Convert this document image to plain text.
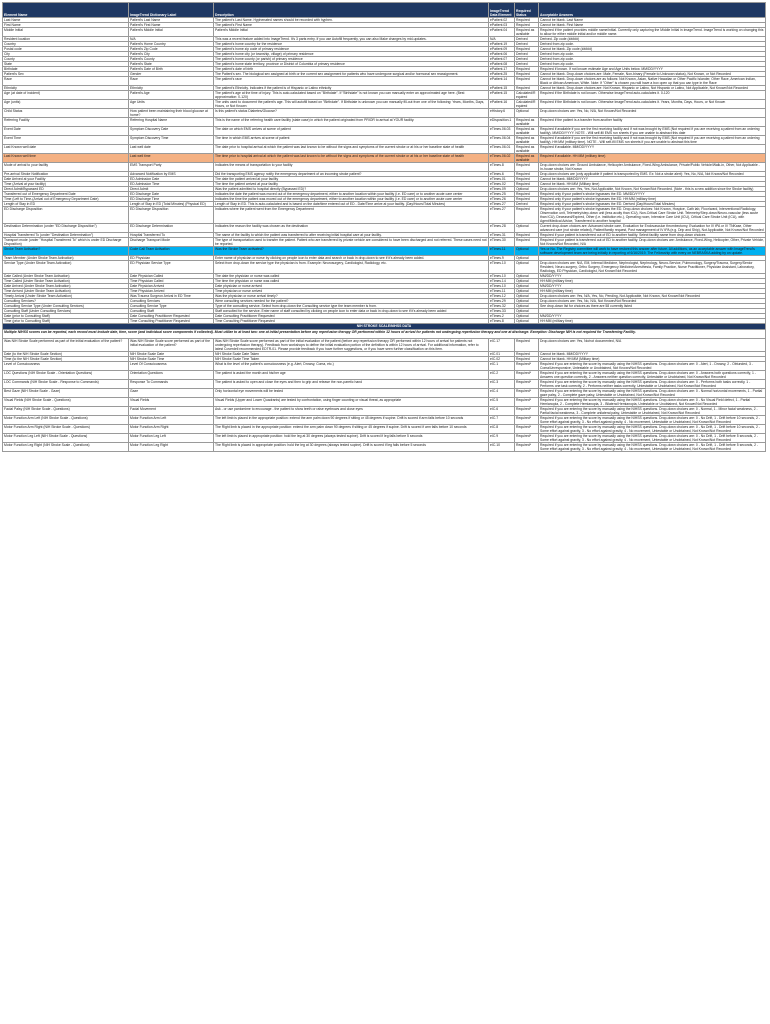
Element Name	ImageTrend Dictionary Label	Description	ImageTrend Data Element	Required Status	Acceptable Answers
Last Name	Patient's Last Name	The patient's Last Name. Hyphenated names should be recorded with hyphen.	ePatient.02	Required	Cannot be blank. Last Name
First Name	Patient's First Name	The patient's First Name	ePatient.03	Required	Cannot be blank. First Name
Middle Initial	Patient's Middle Initial	Patient's Middle Initial	ePatient.04	Required as available	Required if the patient provides middle name/initial. Currently only capturing the Middle Initial in ImageTrend. ImageTrend is working on changing this to allow for either middle initial and/or middle name.
Resident location	N/A	This was a recent feature added into ImageTrend. It's 3 parts entry. If you use Autofill frequently, you can also Make changes by mid-updates.	N/A	Derived	Derived. Zip code (#####)
Country	Patient's Home Country	The patient's home country for the residence	ePatient.19	Derived	Derived from zip code.
Postal code	Patient's Zip Code	The patient's home zip code of primary residence	ePatient.09	Required	Cannot be blank. Zip code (#####)
City	Patient's City	The patient's home city (or township, village) of primary residence	ePatient.06	Derived	Derived from zip code.
County	Patient's County	The patient's home county (or parish) of primary residence	ePatient.07	Derived	Derived from zip code.
State	Patient's State	The patient's home state territory, province or District of Columbia of primary residence	ePatient.08	Derived	Derived from zip code.
Birthdate	Patient's Date of Birth	The patient's date of birth	ePatient.17	Required	Required if known. If not known estimate Age and Age Units below. MM/DD/YYYY
Patient's Sex	Gender	The Patient's sex. The biological sex assigned at birth or the current sex assignment for patients who have undergone surgical and/or hormonal sex reassignment.	ePatient.25	Required	Cannot be blank. Drop-down choices are: Male, Female, Non-binary (Female to Unknown status), Not Known, or Not Recorded
Race	Race	The patient's race	ePatient.14	Required	Cannot be blank. Drop-down choices are as follows: Not Known, Asian, Native Hawaiian or Other Pacific Islander, Other Race, American Indian, Black or African American, White. Note: If "Other" is chosen you will have a box open up that you can type in the Race
Ethnicity	Ethnicity	The patient's Ethnicity. Indicates if the patient is of Hispanic or Latino ethnicity	ePatient.15	Required	Cannot be blank. Drop-down choices are: Not Known, Hispanic or Latino, Not Hispanic or Latino, Not Applicable, Not Known/Not Recorded
Age (at date of incident)	Patient's Age	The patient's age at the time of injury. This is auto-calculated based on "Birthdate". If "Birthdate" is not known you can manually enter an approximated age here. (Best approximation: 0-120)	ePatient.15	Calculated/Required	Required if the Birthdate is not known. Otherwise ImageTrend auto-calculates it. 0-120
Age (units)	Age Units	The units used to document the patient's age. This will autofill based on "Birthdate". If Birthdate is unknown you can manually fill-out from one of the following: Years, Months, Days, Hours, or Not Known	ePatient.16	Calculated/Required	Required if the Birthdate is not known. Otherwise ImageTrend auto-calculates it. Years, Months, Days, Hours, or Not Known
Child Status	How patient been maintaining their blood glucose at home?	Is this patient's status Diabetes/Glucose?	eHistory.6	Optional	Drop-down choices are: Yes, No, N/A, Not Known/Not Recorded
Referring Facility	Referring Hospital Name	This is the name of the referring health care facility (state case) in which the patient originated from PRIOR to arrival at YOUR facility.	eDisposition.1	Required as available	Required if the patient is a transfer from another facility
Event Date	Symptom Discovery Date	The date on which EMS arrives at scene of patient	eTimes.06.03	Required as available	Required if available if you are the first receiving facility and if not was brought by EMS (Not required if you are receiving a patient from an ordering facility). MM/DD/YYYY. NOTE - Will self-fill EMS run sheets if you are unable to abstract this date
Event Time	Symptom Discovery Time	The time in which EMS arrives at scene of patient	eTimes.06.04	Required as available	Required if available if you are the first receiving facility and if not was brought by EMS (Not required if you are receiving a patient from an ordering facility). HH:MM (military time). NOTE - Will self-fill EMS run sheets if you are unable to abstract this time
Last Known well date	Last well date	The date prior to hospital arrival at which the patient was last known to be without the signs and symptoms of the current stroke or at his or her baseline state of health	eTimes.06.01	Required as available	Required if available. MM/DD/YYYY
Last Known well time	Last well time	The time prior to hospital arrival at which the patient was last known to be without the signs and symptoms of the current stroke or at his or her baseline state of health	eTimes.06.02	Required as available	Required if available. HH:MM (military time)
Mode of arrival to your facility	EMS Transport Party	Indicates the means of transportation to your facility	eTimes.8	Required	Drop-down choices are: Ground Ambulance, Helicopter Ambulance, Fixed-Wing Ambulance, Private/Public Vehicle/Walk-in, Other, Not Applicable - In-house stroke, Not Known
Pre-arrival Stroke Notification	Advanced Notification by EMS	Did the transporting EMS agency notify the emergency department of an incoming stroke patient?	eTimes.6	Required	Drop-down choices are (only applicable if patient is transported by EMS. Ex: Not a stroke alert): Yes, No, N/A, Not Known/Not Recorded
Date Arrived at your Facility	ED Admission Date	The date the patient arrived at your facility	eTimes.01	Required	Cannot be blank. MM/DD/YYYY
Time (Arrival at your facility)	ED Admission Time	The time the patient arrived at your facility	eTimes.02	Required	Cannot be blank. HH:MM (Military time)
Direct Admit/Bypassed ED	Direct Admit	Was the patient admitted to hospital directly (Bypassed ED)?	eTimes.09	Optional	Drop-down choices are: Yes, Yes, Not Applicable, Not Known, Not Known/Not Recorded. (Note - this is a new addition since the Stroke facility)
Transferred out of Emergency Department Date	ED Discharge Date	Indicates the date the patient was moved out of the emergency department, either to another location within your facility (i.e. ED care) or to another acute care center	eTimes.25	Required	Required only if your patient's stroke bypasses the ED. MM/DD/YYYY
Time (Left to Time-(Arrival out of Emergency Department Date)	ED Discharge Time	Indicates the time the patient was moved out of the emergency department, either to another location within your facility (i.e. ED care) or to another acute care center	eTimes.26	Required	Required only if your patient's stroke bypasses the ED. HH:MM (military time)
Length of Stay in ED	Length of Stay in ED (Total Minutes) (Physical ED)	Length of Stay in ED. This is auto-calculated and is based on the date/time entered out of ED - Date/Time arrive at your facility. (Day/Hours/Total Minutes)	eTimes.27	Derived	Required only if your patient's stroke bypasses the ED. Derived (Day/Hours/Total Minutes)
ED Discharge Disposition	ED Discharge Disposition	Indicates where the patient went from the Emergency Department	eTimes.27	Required	Required only if your patient's stroke bypasses the ED. Drop-down choices: Not Known, Hospice, Cath lab, Floor/ward, Interventional Radiology, Observation unit, Telemetry/step-down unit (less acuity than ICU), Non-Critical Care Stroke Unit. Telemetry/Step-down/Neuro-vascular (less acute than ICU), Deceased/Expired, Other (i.e. institution etc.), Operating room, Intensive Care Unit (ICU), Critical Care Stroke Unit (ICU), with Agent/Medical Advice, Transferred to another hospital
Destination Determination (under "ED Discharge Disposition")	ED Discharge Determination	Indicates the reason the facility was chosen as the destination	eTimes.28	Optional	Current drop-down choices are: Advanced stroke care, Evaluation for Endovascular thrombectomy, Evaluation for IV tPA or IV TNKase, Other advanced care (not stroke related), Patient/family request, Post management of IV tPA (e.g. Drip and Ship), Not Applicable, Not Known/Not Recorded
Hospital Transferred To (under "Destination Determination")	Hospital Transferred To	The name of the facility to which the patient was transferred to after receiving initial hospital care at your facility.	eTimes.31	Required	Required if your patient is transferred out of ED to another facility. Select facility name from drop-down choices
Transport mode (under "Hospital Transferred To" which is under ED Discharge Disposition)	Discharge Transport Mode	The type of transportation used to transfer the patient. Patient who are transferred by private vehicle are considered to have been discharged and not referred. These cases need not be reported.	eTimes.30	Required	Required if your patient is transferred out of ED to another facility. Drop-down choices are: Ambulance, Fixed-Wing, Helicopter, Other, Private Vehicle, Not Known/Not Recorded, N/A
Stroke Team Activation?	Code Call Team Activation	Was the Stroke Team activated?	eTimes.11	Optional	Yes or No. The Registry committee will work to have restored this answer after future. All additions, as an acceptable answer with ImageTrend's software development team are being initially in reporting of 6/16/2019. The Fellowship with every on NEBRASKA adding by on update.
Team Member (Under Stroke Team Activation)	ED Physician	Enter name of physician or nurse by clicking on people icon to enter data and search or back in drop-down to see if it's already been added.	eTimes.9	Optional	
Service Type (Under Stroke Team Activation)	ED Physician Service Type	Select from drop-down the service type the physician is from. Example: Neurosurgery, Cardiologist, Radiology, etc.	eTimes.10	Optional	Drop-down choices are: N/A, EM, Internal Medicine, Nephrologist, Nephrology, Neuro-Service, Pulmonology, Surgery/Trauma, Surgery/Senior Resident, Neuro-surgery, Ortho Surgery, Emergency Medicine/Anesthesia, Family Practice, Nurse Practitioner, Physician Assistant, Laboratory, Radiology, ED Physician, Cardiologist, Not Known/Not Recorded
Date Called (Under Stroke Team Activation)	Date Physician Called	The date the physician or nurse was called	eTimes.10	Optional	MM/DD/YYYY
Time Called (Under Stroke Team Activation)	Time Physician Called	The time the physician or nurse was called	eTimes.14	Optional	HH:MM (military time)
Date Arrived (Under Stroke Team Activation)	Date Physician Arrived	Date physician or nurse arrived	eTimes.10	Optional	MM/DD/YYYY
Time Arrived (Under Stroke Team Activation)	Time Physician Arrived	Time physician or nurse arrived	eTimes.11	Optional	HH:MM (military time)
Timely Arrival (Under Stroke Team Activation)	Was Trauma Surgeon Arrival in ED Time	Was the physician or nurse arrival timely?	eTimes.12	Optional	Drop-down choices are: Yes, N/A, Yes, No, Pending, Not Applicable, Not Known, Not Known/Not Recorded
Consulting Services?	Consulting Services	Were consulting services needed for the patient?	eTimes.29	Optional	Drop-down choices are: Yes, No, N/A, Not Known/Not Recorded
Consulting Service Type (Under Consulting Services)	Consulting Service Type	Type of the consulting service. Select from drop-down the Consulting service type the team member is from.	eTimes.32	Optional	See drop-down list for choices as there are 58 currently listed
Consulting Staff (Under Consulting Services)	Consulting Staff	Staff consulted for the service. Enter name of staff consulted by clicking on people icon to enter data or back in drop-down to see if it's already been added	eTimes.33	Optional	
Date (prior to Consulting Staff)	Date Consulting Practitioner Requested	Date Consulting Practitioner Requested	eTimes.2	Optional	MM/DD/YYYY
Time (prior to Consulting Staff)	Time Consulting Practitioner Requested	Time Consulting Practitioner Requested	eTimes.8	Optional	HH:MM (military time)
NIH STROKE SCALE/NIHSS DATA					
Multiple NIHSS scores can be reported, each record must include date, time, score (and individual score components if collected). Must utilize to at least two: one at initial presentation before any reperfusion therapy OR performed within 12 hours of arrival for patients not undergoing reperfusion therapy and one at discharge. Exception: Discharge NIH is not required for Transferring Facility.					
Was NIH Stroke Scale performed as part of the initial evaluation of the patient?	Was NIH Stroke Scale score performed as part of the initial evaluation of the patient?	Was NIH Stroke Scale score performed as part of the initial evaluation of the patient (before any reperfusion therapy OR performed within 12 hours of arrival for patients not undergoing reperfusion therapy). Feedback from workshops to define the initial evaluation portion of the definition is within 12 hours of arrival. For additional information, refer to latest Coverdell recommended EDTR-01. Please provide feedback if you have further suggestions, or if you have seen further classification on this item.	eIC.17	Required	Drop-down choices are: Yes, No/not documented, N/A
Date (to the NIH Stroke Scale Section)	NIH Stroke Scale Date	NIH Stroke Scale Date Taken	eIC.01	Required	Cannot be blank. MM/DD/YYYY
Time (to the NIH Stroke Scale Section)	NIH Stroke Scale Time	NIH Stroke Scale Time Taken	eIC.02	Required	Cannot be blank. HH:MM (Military time)
Level of Consciousness	Level Of Consciousness	What is the level of the patient's consciousness (e.g. Alert, Drowsy, Coma, etc.)	eIC.1	Required*	Required if you are entering the score by manually using the NIHSS questions. Drop-down choices are: 0 - Alert, 1 - Drowsy, 2 - Obtunded, 3 - Coma/Unresponsive, Untestable or Unobtained, Not Known/Not Recorded
LOC Questions (NIH Stroke Scale - Orientation Questions)	Orientation Questions	The patient is asked the month and his/her age	eIC.2	Required*	Required if you are entering the score by manually using the NIHSS questions. Drop-down choices are: 0 - Answers both questions correctly, 1 - Answers one question correctly, 2 - Answers neither question correctly, Untestable or Unobtained, Not Known/Not Recorded
LOC Commands (NIH Stroke Scale - Response to Commands)	Response To Commands	The patient is asked to open and close the eyes and then to grip and release the non-paretic hand	eIC.3	Required*	Required if you are entering the score by manually using the NIHSS questions. Drop-down choices are: 0 - Performs both tasks correctly, 1 - Performs one task correctly, 2 - Performs neither tasks correctly, Untestable or Unobtained, Not Known/Not Recorded
Best Gaze (NIH Stroke Scale - Gaze)	Gaze	Only horizontal eye movements will be tested	eIC.4	Required*	Required if you are entering the score by manually using the NIHSS questions. Drop-down choices are: 0 - Normal horizontal movements, 1 - Partial gaze palsy, 2 - Complete gaze palsy, Untestable or Unobtained, Not Known/Not Recorded
Visual Fields (NIH Stroke Scale - Questions)	Visual Fields	Visual Fields (Upper and Lower Quadrants) are tested by confrontation, using finger counting or visual threat, as appropriate	eIC.5	Required*	Required if you are entering the score by manually using the NIHSS questions. Drop-down choices are: 0 - No Visual Field defect, 1 - Partial Hemianopia, 2 - Complete Hemianopia, 3 - Bilateral Hemianopia, Untestable or Unobtained, Not Known/Not Recorded
Facial Palsy (NIH Stroke Scale - Questions)	Facial Movement	Ask - or use pantomime to encourage - the patient to show teeth or raise eyebrows and close eyes	eIC.6	Required*	Required if you are entering the score by manually using the NIHSS questions. Drop-down choices are: 0 - Normal, 1 - Minor facial weakness, 2 - Partial facial weakness, 3 - Complete unilateral palsy, Untestable or Unobtained, Not Known/Not Recorded
Motor Function Arm Left (NIH Stroke Scale - Questions)	Motor Function Arm Left	The left limb is placed in the appropriate position: extend the arm palm down 90 degrees if sitting or 45 degrees if supine. Drift is scored if arm falls before 10 seconds	eIC.7	Required*	Required if you are entering the score by manually using the NIHSS questions. Drop-down choices are: 0 - No Drift, 1 - Drift before 10 seconds, 2 - Some effort against gravity, 3 - No effort against gravity, 4 - No movement, Untestable or Unobtained, Not Known/Not Recorded
Motor Function Arm Right (NIH Stroke Scale - Questions)	Motor Function Arm Right	The Right limb is placed in the appropriate position: extend the arm palm down 90 degrees if sitting or 45 degrees if supine. Drift is scored if arm falls before 10 seconds	eIC.8	Required*	Required if you are entering the score by manually using the NIHSS questions. Drop-down choices are: 0 - No Drift, 1 - Drift before 10 seconds, 2 - Some effort against gravity, 3 - No effort against gravity, 4 - No movement, Untestable or Unobtained, Not Known/Not Recorded
Motor Function Leg Left (NIH Stroke Scale - Questions)	Motor Function Leg Left	The left limb is placed in appropriate position: hold the leg at 30 degrees (always tested supine). Drift is scored if leg falls before 5 seconds	eIC.9	Required*	Required if you are entering the score by manually using the NIHSS questions. Drop-down choices are: 0 - No Drift, 1 - Drift before 5 seconds, 2 - Some effort against gravity, 3 - No effort against gravity, 4 - No movement, Untestable or Unobtained, Not Known/Not Recorded
Motor Function Leg Right (NIH Stroke Scale - Questions)	Motor Function Leg Right	The Right limb is placed in appropriate position: hold the leg at 30 degrees (always tested supine). Drift is scored if leg falls before 5 seconds	eIC.10	Required*	Required if you are entering the score by manually using the NIHSS questions. Drop-down choices are: 0 - No Drift, 1 - Drift before 5 seconds, 2 - Some effort against gravity, 3 - No effort against gravity, 4 - No movement, Untestable or Unobtained, Not Known/Not Recorded
